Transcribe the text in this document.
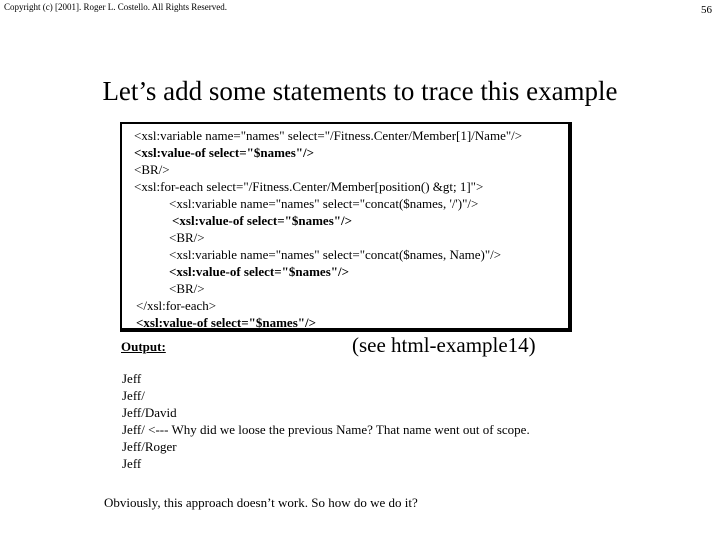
Copyright (c) [2001]. Roger L. Costello. All Rights Reserved.	56
Let’s add some statements to trace this example
<xsl:variable name="names" select="/Fitness.Center/Member[1]/Name"/>
<xsl:value-of select="$names"/>
<BR/>
<xsl:for-each select="/Fitness.Center/Member[position() &gt; 1]">
<xsl:variable name="names" select="concat($names, '/')"/>
<xsl:value-of select="$names"/>
<BR/>
<xsl:variable name="names" select="concat($names, Name)"/>
<xsl:value-of select="$names"/>
<BR/>
</xsl:for-each>
<xsl:value-of select="$names"/>
Output:	(see html-example14)
Jeff
Jeff/
Jeff/David
Jeff/ <--- Why did we loose the previous Name? That name went out of scope.
Jeff/Roger
Jeff
Obviously, this approach doesn’t work. So how do we do it?
